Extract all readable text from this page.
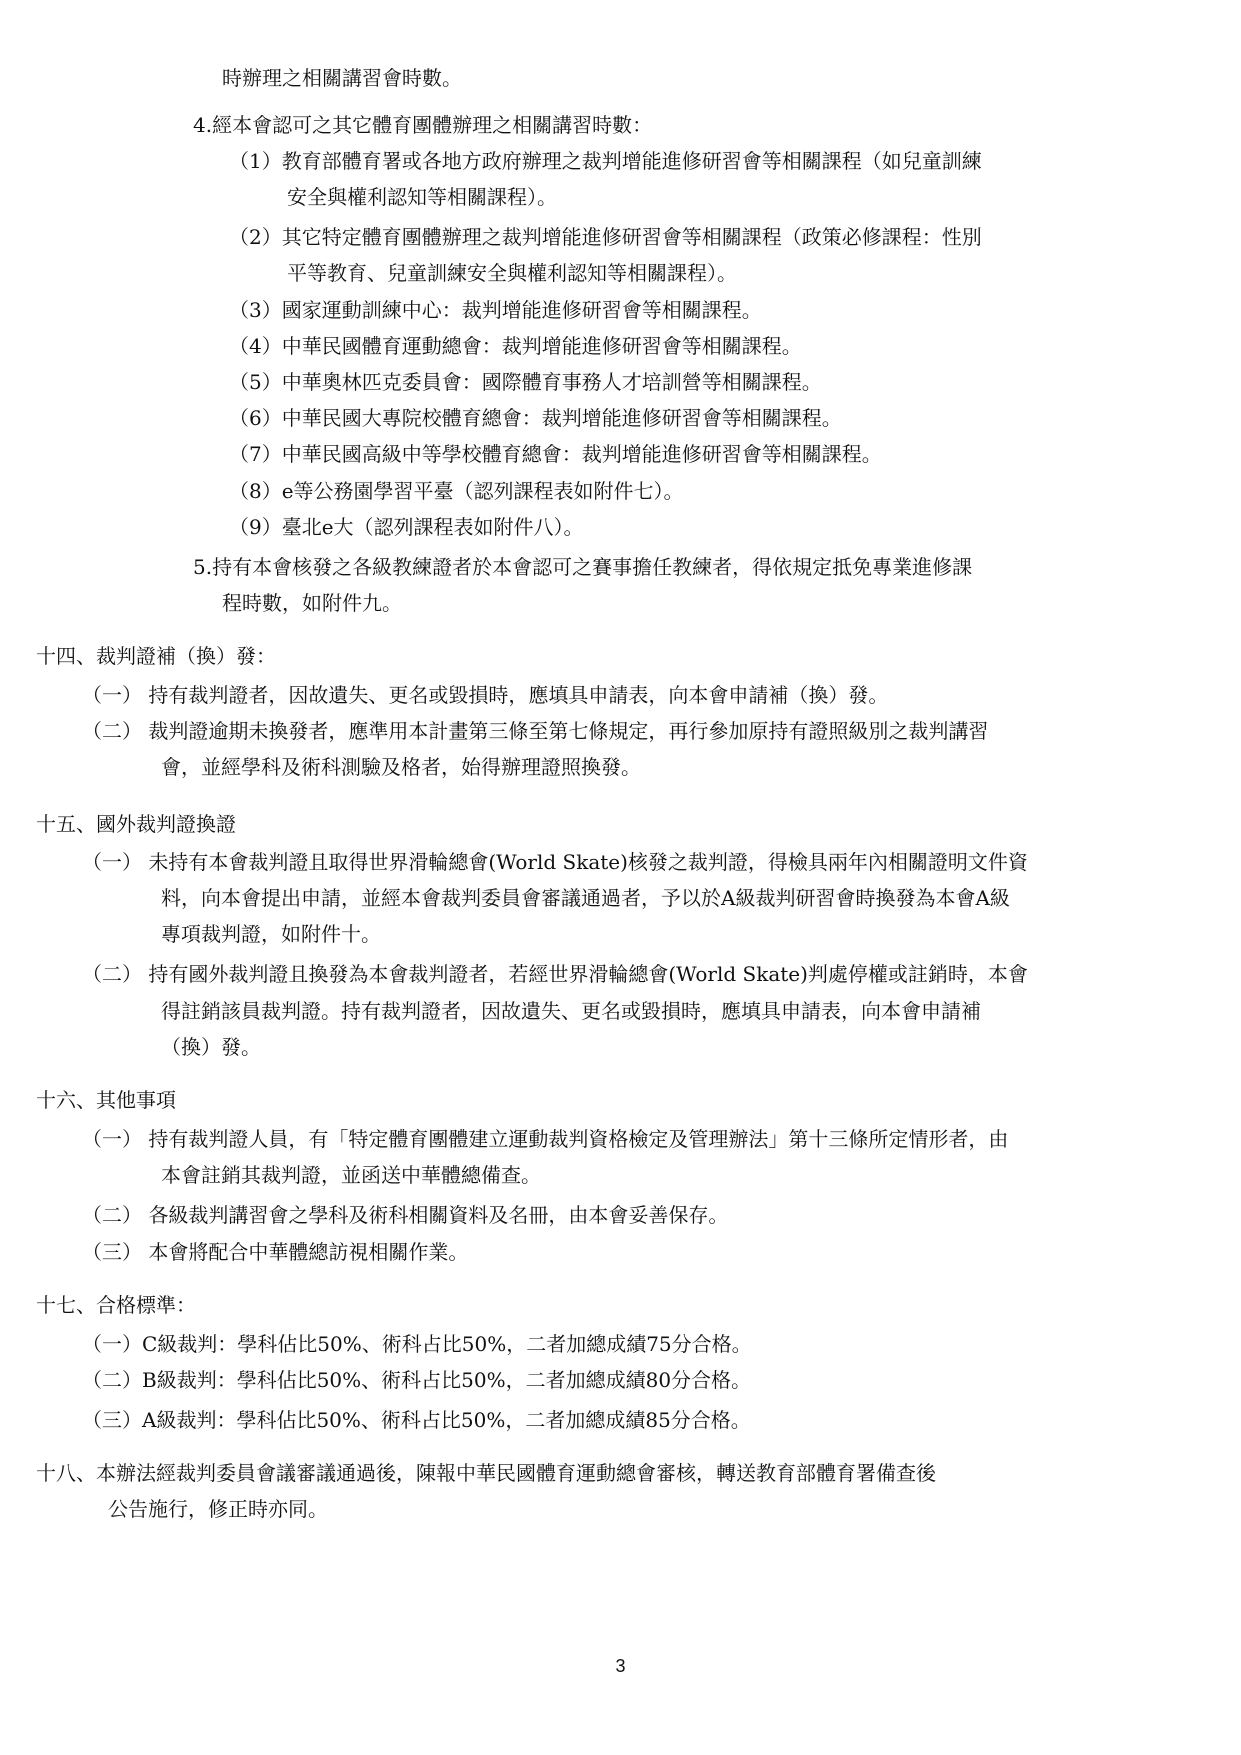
時辦理之相關講習會時數。
4.經本會認可之其它體育團體辦理之相關講習時數：
（1）教育部體育署或各地方政府辦理之裁判增能進修研習會等相關課程（如兒童訓練
安全與權利認知等相關課程）。
（2）其它特定體育團體辦理之裁判增能進修研習會等相關課程（政策必修課程：性別
平等教育、兒童訓練安全與權利認知等相關課程）。
（3）國家運動訓練中心：裁判增能進修研習會等相關課程。
（4）中華民國體育運動總會：裁判增能進修研習會等相關課程。
（5）中華奧林匹克委員會：國際體育事務人才培訓營等相關課程。
（6）中華民國大專院校體育總會：裁判增能進修研習會等相關課程。
（7）中華民國高級中等學校體育總會：裁判增能進修研習會等相關課程。
（8）e等公務園學習平臺（認列課程表如附件七）。
（9）臺北e大（認列課程表如附件八）。
5.持有本會核發之各級教練證者於本會認可之賽事擔任教練者，得依規定抵免專業進修課
程時數，如附件九。
十四、裁判證補（換）發：
（一） 持有裁判證者，因故遺失、更名或毀損時，應填具申請表，向本會申請補（換）發。
（二） 裁判證逾期未換發者，應準用本計畫第三條至第七條規定，再行參加原持有證照級別之裁判講習
會，並經學科及術科測驗及格者，始得辦理證照換發。
十五、國外裁判證換證
（一） 未持有本會裁判證且取得世界滑輪總會(World Skate)核發之裁判證，得檢具兩年內相關證明文件資
料，向本會提出申請，並經本會裁判委員會審議通過者，予以於A級裁判研習會時換發為本會A級
專項裁判證，如附件十。
（二） 持有國外裁判證且換發為本會裁判證者，若經世界滑輪總會(World Skate)判處停權或註銷時，本會
得註銷該員裁判證。持有裁判證者，因故遺失、更名或毀損時，應填具申請表，向本會申請補
（換）發。
十六、其他事項
（一） 持有裁判證人員，有「特定體育團體建立運動裁判資格檢定及管理辦法」第十三條所定情形者，由
本會註銷其裁判證，並函送中華體總備查。
（二） 各級裁判講習會之學科及術科相關資料及名冊，由本會妥善保存。
（三） 本會將配合中華體總訪視相關作業。
十七、合格標準：
（一）C級裁判：學科佔比50%、術科占比50%，二者加總成績75分合格。
（二）B級裁判：學科佔比50%、術科占比50%，二者加總成績80分合格。
（三）A級裁判：學科佔比50%、術科占比50%，二者加總成績85分合格。
十八、本辦法經裁判委員會議審議通過後，陳報中華民國體育運動總會審核，轉送教育部體育署備查後
公告施行，修正時亦同。
3
